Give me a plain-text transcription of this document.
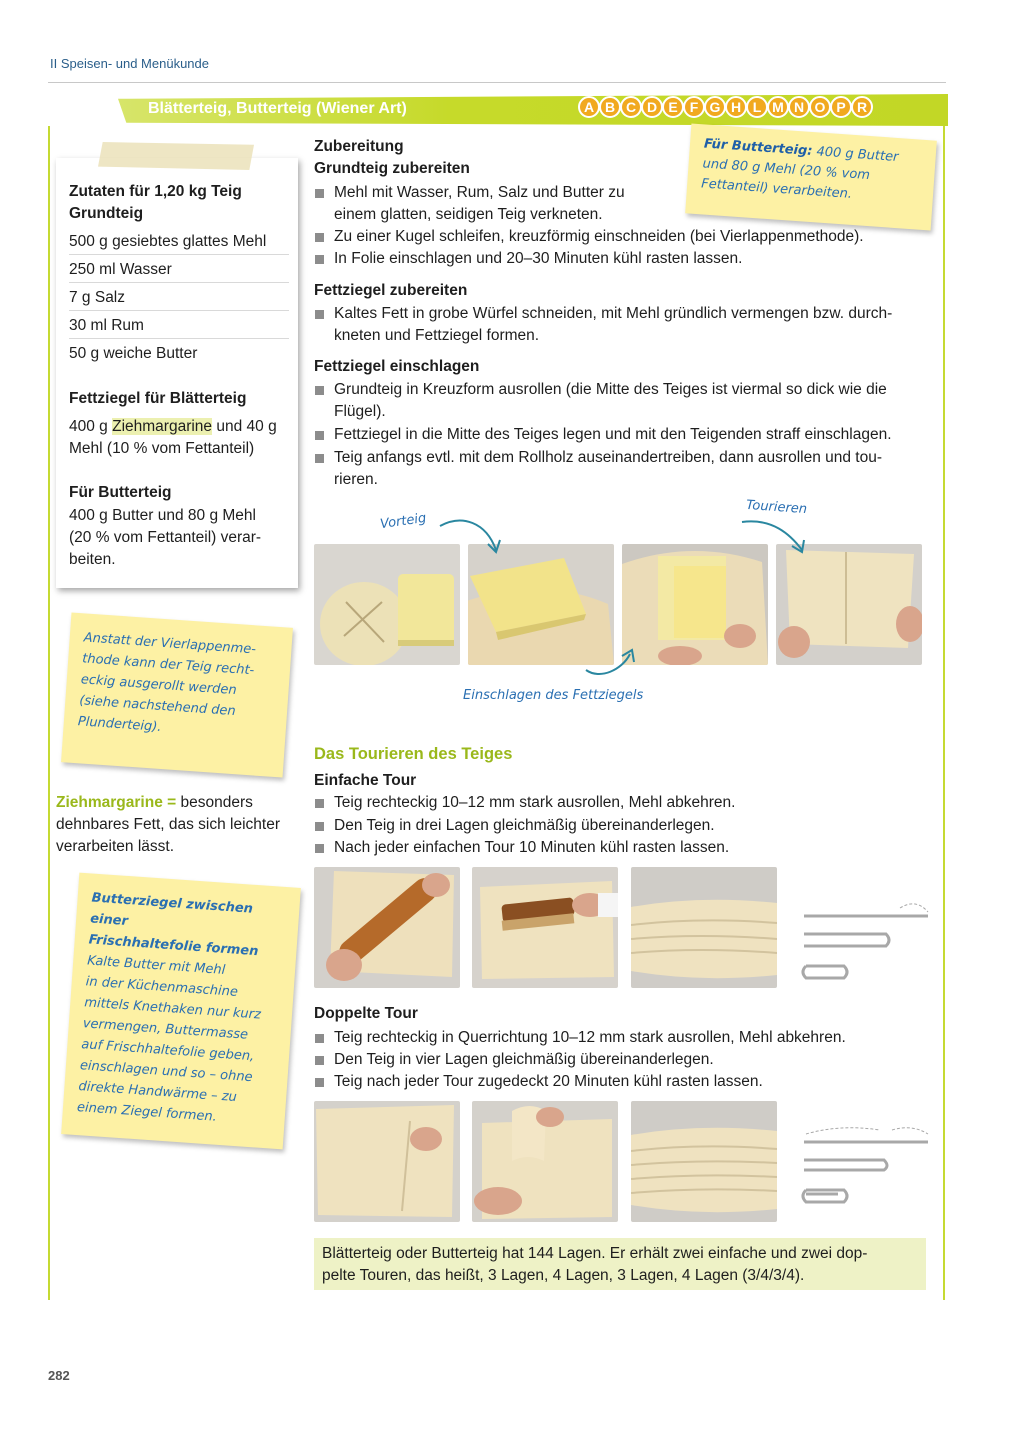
II Speisen- und Menükunde
Blätterteig, Butterteig (Wiener Art)	A B C D E F G H L M N O P R
Zutaten für 1,20 kg Teig
Grundteig
500 g gesiebtes glattes Mehl
250 ml Wasser
7 g Salz
30 ml Rum
50 g weiche Butter
Fettziegel für Blätterteig
400 g Ziehmargarine und 40 g
Mehl (10 % vom Fettanteil)
Für Butterteig
400 g Butter und 80 g Mehl
(20 % vom Fettanteil) verar-
beiten.
Anstatt der Vierlappenme-
thode kann der Teig recht-
eckig ausgerollt werden
(siehe nachstehend den
Plunderteig).
Ziehmargarine = besonders
dehnbares Fett, das sich leichter
verarbeiten lässt.
Butterziegel zwischen einer
Frischhaltefolie formen
Kalte Butter mit Mehl
in der Küchenmaschine
mittels Knethaken nur kurz
vermengen, Buttermasse
auf Frischhaltefolie geben,
einschlagen und so – ohne
direkte Handwärme – zu
einem Ziegel formen.
Zubereitung
Grundteig zubereiten
Mehl mit Wasser, Rum, Salz und Butter zu
einem glatten, seidigen Teig verkneten.
Zu einer Kugel schleifen, kreuzförmig einschneiden (bei Vierlappenmethode).
In Folie einschlagen und 20–30 Minuten kühl rasten lassen.
Für Butterteig: 400 g Butter
und 80 g Mehl (20 % vom
Fettanteil) verarbeiten.
Fettziegel zubereiten
Kaltes Fett in grobe Würfel schneiden, mit Mehl gründlich vermengen bzw. durch-
kneten und Fettziegel formen.
Fettziegel einschlagen
Grundteig in Kreuzform ausrollen (die Mitte des Teiges ist viermal so dick wie die
Flügel).
Fettziegel in die Mitte des Teiges legen und mit den Teigenden straff einschlagen.
Teig anfangs evtl. mit dem Rollholz auseinandertreiben, dann ausrollen und tou-
rieren.
Vorteig
Tourieren
Einschlagen des Fettziegels
Das Tourieren des Teiges
Einfache Tour
Teig rechteckig 10–12 mm stark ausrollen, Mehl abkehren.
Den Teig in drei Lagen gleichmäßig übereinanderlegen.
Nach jeder einfachen Tour 10 Minuten kühl rasten lassen.
Doppelte Tour
Teig rechteckig in Querrichtung 10–12 mm stark ausrollen, Mehl abkehren.
Den Teig in vier Lagen gleichmäßig übereinanderlegen.
Teig nach jeder Tour zugedeckt 20 Minuten kühl rasten lassen.
Blätterteig oder Butterteig hat 144 Lagen. Er erhält zwei einfache und zwei dop-
pelte Touren, das heißt, 3 Lagen, 4 Lagen, 3 Lagen, 4 Lagen (3/4/3/4).
282
